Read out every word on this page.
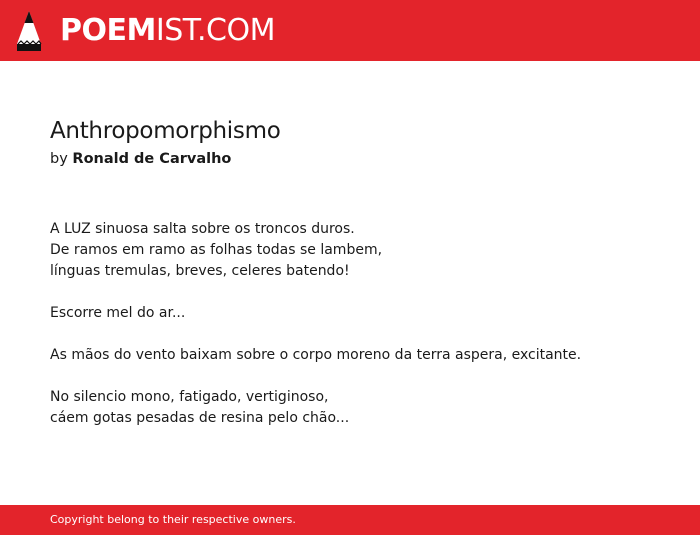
POEMIST.COM
Anthropomorphismo
by Ronald de Carvalho
A LUZ sinuosa salta sobre os troncos duros.
De ramos em ramo as folhas todas se lambem,
línguas tremulas, breves, celeres batendo!
Escorre mel do ar...
As mãos do vento baixam sobre o corpo moreno da terra aspera, excitante.
No silencio mono, fatigado, vertiginoso,
cáem gotas pesadas de resina pelo chão...
Copyright belong to their respective owners.
